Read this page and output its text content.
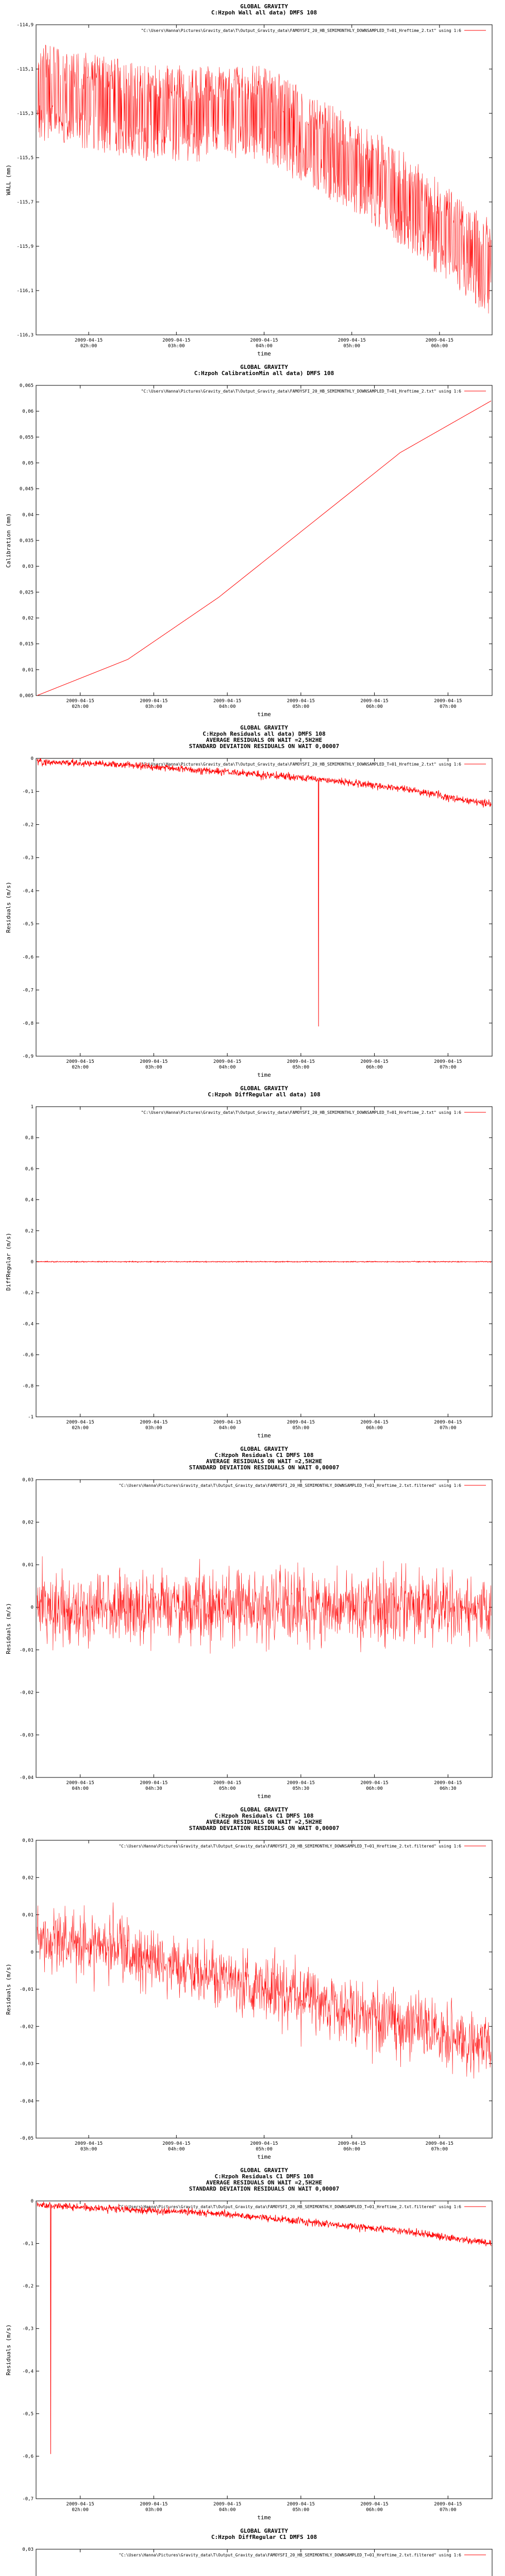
GLOBAL GRAVITY
C:Hzpoh Wall all data) DMFS 108
"C:\Users\Hanna\Pictures\Gravity_data\T\Output_Gravity_data\FAMOYSFI_20_HB_SEMIMONTHLY_DOWNSAMPLED_T=01_Hreftime_2.txt" using 1:6
-114,9
-115,1
-115,3
-115,5
-115,7
-115,9
-116,1
-116,3
2009-04-15
02h:00
2009-04-15
03h:00
2009-04-15
04h:00
2009-04-15
05h:00
2009-04-15
06h:00
time
WALL (mm)
GLOBAL GRAVITY
C:Hzpoh CalibrationMin all data) DMFS 108
"C:\Users\Hanna\Pictures\Gravity_data\T\Output_Gravity_data\FAMOYSFI_20_HB_SEMIMONTHLY_DOWNSAMPLED_T=01_Hreftime_2.txt" using 1:6
0,065
0,06
0,055
0,05
0,045
0,04
0,035
0,03
0,025
0,02
0,015
0,01
0,005
2009-04-15
02h:00
2009-04-15
03h:00
2009-04-15
04h:00
2009-04-15
05h:00
2009-04-15
06h:00
2009-04-15
07h:00
time
Calibration (mm)
GLOBAL GRAVITY
C:Hzpoh Residuals all data) DMFS 108
AVERAGE RESIDUALS ON WAIT =2,5H2HE
STANDARD DEVIATION RESIDUALS ON WAIT 0,00007
"C:\Users\Hanna\Pictures\Gravity_data\T\Output_Gravity_data\FAMOYSFI_20_HB_SEMIMONTHLY_DOWNSAMPLED_T=01_Hreftime_2.txt" using 1:6
0
-0,1
-0,2
-0,3
-0,4
-0,5
-0,6
-0,7
-0,8
-0,9
2009-04-15
02h:00
2009-04-15
03h:00
2009-04-15
04h:00
2009-04-15
05h:00
2009-04-15
06h:00
2009-04-15
07h:00
time
Residuals (m/s)
GLOBAL GRAVITY
C:Hzpoh DiffRegular all data) 108
"C:\Users\Hanna\Pictures\Gravity_data\T\Output_Gravity_data\FAMOYSFI_20_HB_SEMIMONTHLY_DOWNSAMPLED_T=01_Hreftime_2.txt" using 1:6
1
0,8
0,6
0,4
0,2
0
-0,2
-0,4
-0,6
-0,8
-1
2009-04-15
02h:00
2009-04-15
03h:00
2009-04-15
04h:00
2009-04-15
05h:00
2009-04-15
06h:00
2009-04-15
07h:00
time
DiffRegular (m/s)
GLOBAL GRAVITY
C:Hzpoh Residuals C1 DMFS 108
AVERAGE RESIDUALS ON WAIT =2,5H2HE
STANDARD DEVIATION RESIDUALS ON WAIT 0,00007
"C:\Users\Hanna\Pictures\Gravity_data\T\Output_Gravity_data\FAMOYSFI_20_HB_SEMIMONTHLY_DOWNSAMPLED_T=01_Hreftime_2.txt.filtered" using 1:6
0,03
0,02
0,01
0
-0,01
-0,02
-0,03
-0,04
2009-04-15
04h:00
2009-04-15
04h:30
2009-04-15
05h:00
2009-04-15
05h:30
2009-04-15
06h:00
2009-04-15
06h:30
time
Residuals (m/s)
GLOBAL GRAVITY
C:Hzpoh Residuals C1 DMFS 108
AVERAGE RESIDUALS ON WAIT =2,5H2HE
STANDARD DEVIATION RESIDUALS ON WAIT 0,00007
"C:\Users\Hanna\Pictures\Gravity_data\T\Output_Gravity_data\FAMOYSFI_20_HB_SEMIMONTHLY_DOWNSAMPLED_T=01_Hreftime_2.txt.filtered" using 1:6
0,03
0,02
0,01
0
-0,01
-0,02
-0,03
-0,04
-0,05
2009-04-15
03h:00
2009-04-15
04h:00
2009-04-15
05h:00
2009-04-15
06h:00
2009-04-15
07h:00
time
Residuals (m/s)
GLOBAL GRAVITY
C:Hzpoh Residuals C1 DMFS 108
AVERAGE RESIDUALS ON WAIT =2,5H2HE
STANDARD DEVIATION RESIDUALS ON WAIT 0,00007
"C:\Users\Hanna\Pictures\Gravity_data\T\Output_Gravity_data\FAMOYSFI_20_HB_SEMIMONTHLY_DOWNSAMPLED_T=01_Hreftime_2.txt.filtered" using 1:6
0
-0,1
-0,2
-0,3
-0,4
-0,5
-0,6
-0,7
2009-04-15
02h:00
2009-04-15
03h:00
2009-04-15
04h:00
2009-04-15
05h:00
2009-04-15
06h:00
2009-04-15
07h:00
time
Residuals (m/s)
GLOBAL GRAVITY
C:Hzpoh DiffRegular C1 DMFS 108
"C:\Users\Hanna\Pictures\Gravity_data\T\Output_Gravity_data\FAMOYSFI_20_HB_SEMIMONTHLY_DOWNSAMPLED_T=01_Hreftime_2.txt.filtered" using 1:6
0,03
